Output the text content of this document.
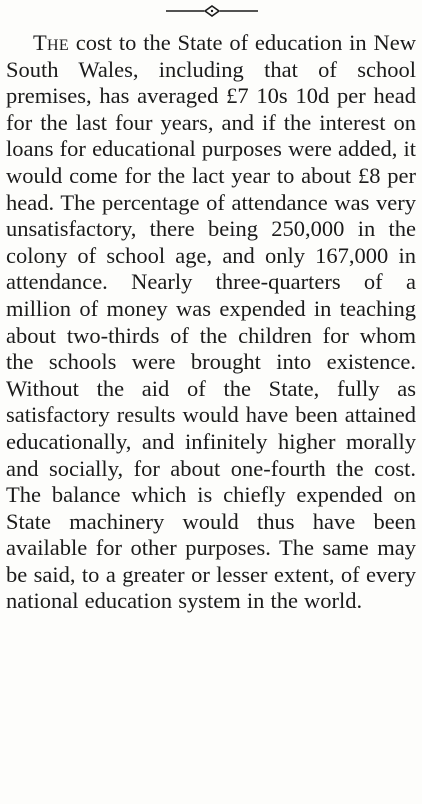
The cost to the State of education in New South Wales, including that of school premises, has averaged £7 10s 10d per head for the last four years, and if the interest on loans for educational purposes were added, it would come for the lact year to about £8 per head. The percentage of attendance was very unsatisfactory, there being 250,000 in the colony of school age, and only 167,000 in attendance. Nearly three-quarters of a million of money was expended in teaching about two-thirds of the children for whom the schools were brought into existence. Without the aid of the State, fully as satisfactory results would have been attained educationally, and infinitely higher morally and socially, for about one-fourth the cost. The balance which is chiefly expended on State machinery would thus have been available for other purposes. The same may be said, to a greater or lesser extent, of every national education system in the world.
